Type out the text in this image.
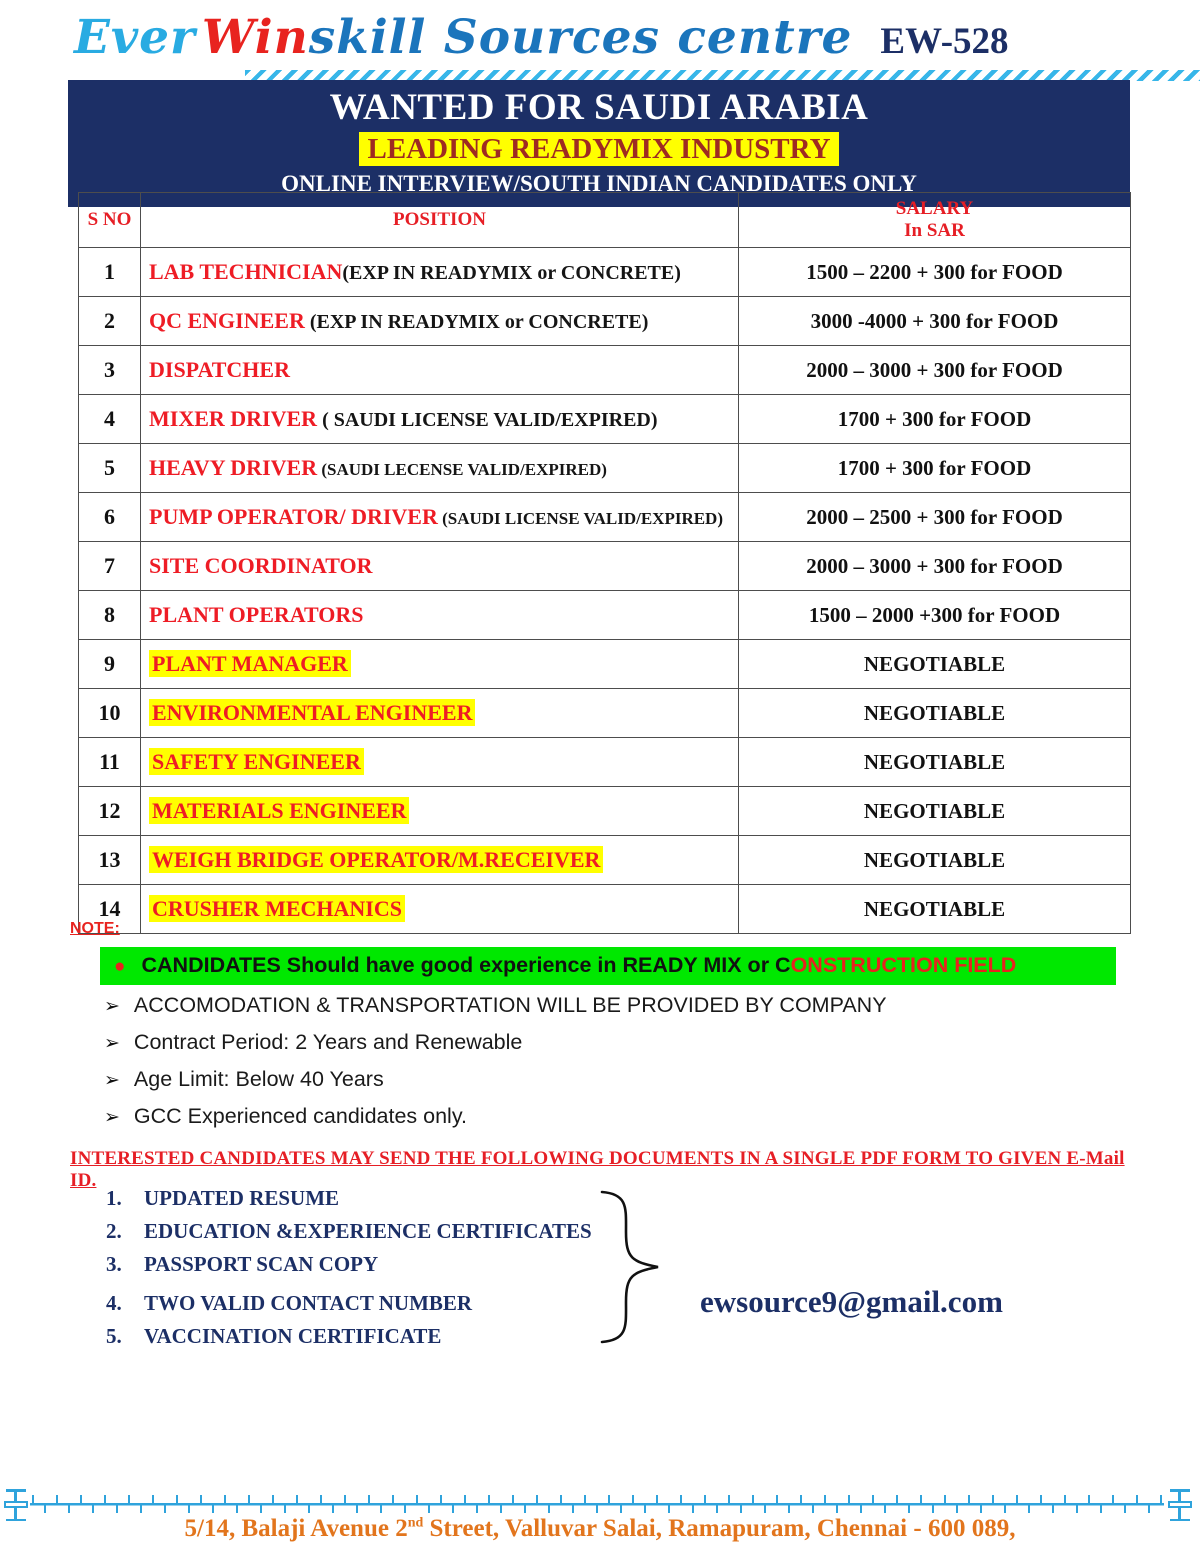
Ever Win skill Sources centre EW-528
WANTED FOR SAUDI ARABIA
LEADING READYMIX INDUSTRY
ONLINE INTERVIEW/SOUTH INDIAN CANDIDATES ONLY
S NO	POSITION	SALARY
In SAR
1	LAB TECHNICIAN(EXP IN READYMIX or CONCRETE)	1500 – 2200 + 300 for FOOD
2	QC ENGINEER (EXP IN READYMIX or CONCRETE)	3000 -4000 + 300 for FOOD
3	DISPATCHER	2000 – 3000 + 300 for FOOD
4	MIXER DRIVER ( SAUDI LICENSE VALID/EXPIRED)	1700 + 300 for FOOD
5	HEAVY DRIVER (SAUDI LECENSE VALID/EXPIRED)	1700 + 300 for FOOD
6	PUMP OPERATOR/ DRIVER (SAUDI LICENSE VALID/EXPIRED)	2000 – 2500 + 300 for FOOD
7	SITE COORDINATOR	2000 – 3000 + 300 for FOOD
8	PLANT OPERATORS	1500 – 2000 +300 for FOOD
9	PLANT MANAGER	NEGOTIABLE
10	ENVIRONMENTAL ENGINEER	NEGOTIABLE
11	SAFETY ENGINEER	NEGOTIABLE
12	MATERIALS ENGINEER	NEGOTIABLE
13	WEIGH BRIDGE OPERATOR/M.RECEIVER	NEGOTIABLE
14	CRUSHER MECHANICS	NEGOTIABLE
NOTE:
● CANDIDATES Should have good experience in READY MIX or CONSTRUCTION FIELD
➢ ACCOMODATION & TRANSPORTATION WILL BE PROVIDED BY COMPANY
➢ Contract Period: 2 Years and Renewable
➢ Age Limit: Below 40 Years
➢ GCC Experienced candidates only.
INTERESTED CANDIDATES MAY SEND THE FOLLOWING DOCUMENTS IN A SINGLE PDF FORM TO GIVEN E-Mail ID.
1. UPDATED RESUME
2. EDUCATION &EXPERIENCE CERTIFICATES
3. PASSPORT SCAN COPY
4. TWO VALID CONTACT NUMBER
5. VACCINATION CERTIFICATE
ewsource9@gmail.com
5/14, Balaji Avenue 2nd Street, Valluvar Salai, Ramapuram, Chennai - 600 089,
